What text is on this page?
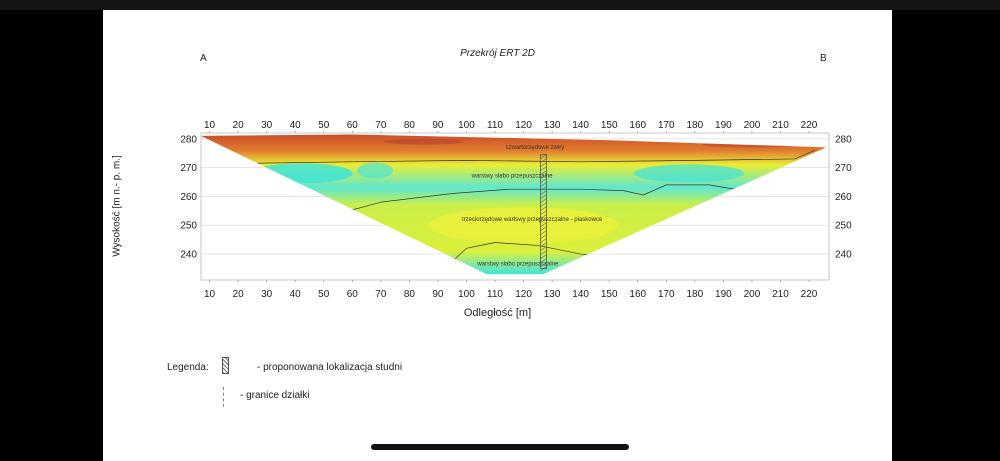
Przekrój ERT 2D
A	B
10 20 30 40 50 60 70 80 90 100 110 120 130 140 150 160 170 180 190 200 210 220
10 20 30 40 50 60 70 80 90 100 110 120 130 140 150 160 170 180 190 200 210 220
240
250
260
270
280
240
250
260
270
280
czwartorzędowe żwiry
warstwy słabo przepuszczalne
trzeciorzędowe wartswy przepuszczalne - piaskowce
warstwy słabo przepuszczalne
Wysokość [m n.- p. m.]
Odległość [m]
Legenda:	- proponowana lokalizacja studni
- granice działki
